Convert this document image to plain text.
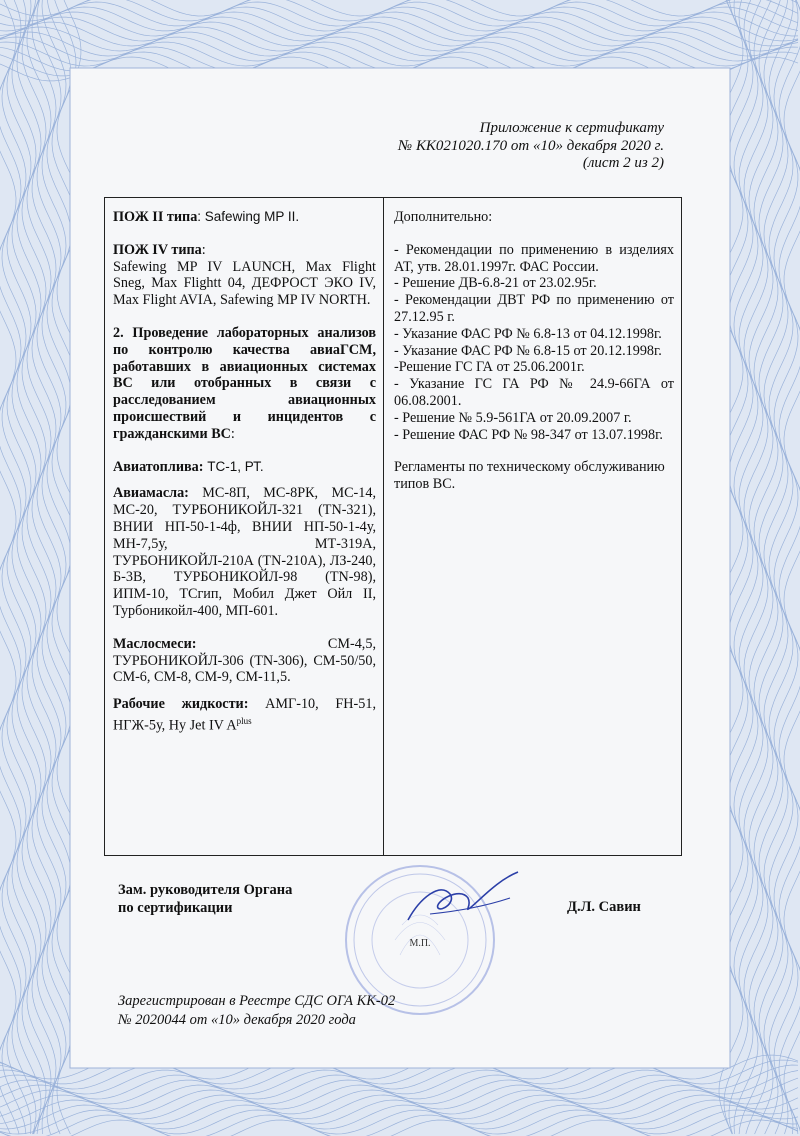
Приложение к сертификату
№ КК021020.170 от «10» декабря 2020 г.
(лист 2 из 2)
ПОЖ II типа: Safewing MP II.
ПОЖ IV типа:
Safewing MP IV LAUNCH, Max Flight Sneg, Max Flightt 04, ДЕФРОСТ ЭКО IV, Max Flight AVIA, Safewing MP IV NORTH.
2. Проведение лабораторных анализов по контролю качества авиаГСМ, работавших в авиационных системах ВС или отобранных в связи с расследованием авиационных происшествий и инцидентов с гражданскими ВС:
Авиатоплива: ТС-1, РТ.
Авиамасла: МС-8П, МС-8РК, МС-14, МС-20, ТУРБОНИКОЙЛ-321 (TN-321), ВНИИ НП-50-1-4ф, ВНИИ НП-50-1-4у, МН-7,5у, МТ-319А, ТУРБОНИКОЙЛ-210А (TN-210A), ЛЗ-240, Б-3В, ТУРБОНИКОЙЛ-98 (TN-98), ИПМ-10, ТСгип, Мобил Джет Ойл II, Турбоникойл-400, МП-601.
Маслосмеси: СМ-4,5, ТУРБОНИКОЙЛ-306 (TN-306), СМ-50/50, СМ-6, СМ-8, СМ-9, СМ-11,5.
Рабочие жидкости: АМГ-10, FH-51, НГЖ-5у, Hy Jet IV $A^{plus}$
Дополнительно:
- Рекомендации по применению в изделиях АТ, утв. 28.01.1997г. ФАС России.
- Решение ДВ-6.8-21 от 23.02.95г.
- Рекомендации ДВТ РФ по применению от 27.12.95 г.
- Указание ФАС РФ № 6.8-13 от 04.12.1998г.
- Указание ФАС РФ № 6.8-15 от 20.12.1998г.
-Решение ГС ГА от 25.06.2001г.
- Указание ГС ГА РФ № 24.9-66ГА от 06.08.2001.
- Решение № 5.9-561ГА от 20.09.2007 г.
- Решение ФАС РФ № 98-347 от 13.07.1998г.
Регламенты по техническому обслуживанию типов ВС.
Зам. руководителя Органа
по сертификации
М.П.
Д.Л. Савин
Зарегистрирован в Реестре СДС ОГА КК-02
№ 2020044 от «10» декабря 2020 года
